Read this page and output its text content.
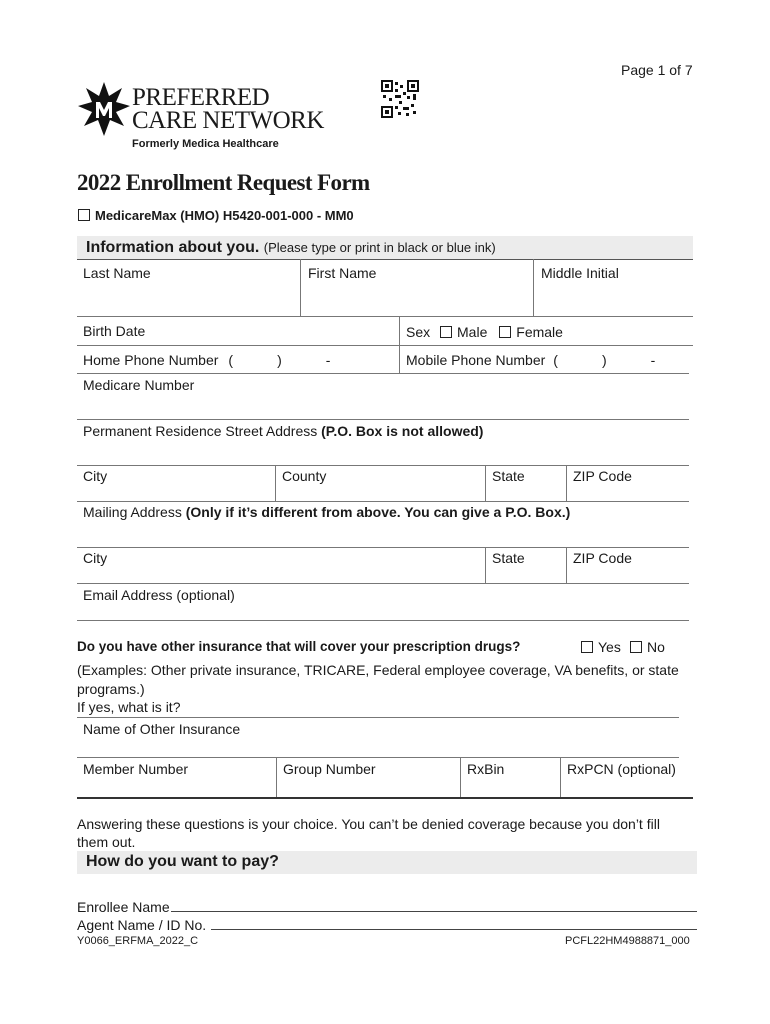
Page 1 of 7
PREFERRED
CARE NETWORK
Formerly Medica Healthcare
2022 Enrollment Request Form
MedicareMax (HMO) H5420-001-000 - MM0
Information about you. (Please type or print in black or blue ink)
Last Name	First Name	Middle Initial
Birth Date	Sex Male Female
Home Phone Number (	)	-	Mobile Phone Number (	)	-
Medicare Number
Permanent Residence Street Address (P.O. Box is not allowed)
City	County	State	ZIP Code
Mailing Address (Only if it’s different from above. You can give a P.O. Box.)
City	State	ZIP Code
Email Address (optional)
Do you have other insurance that will cover your prescription drugs?	Yes	No
(Examples: Other private insurance, TRICARE, Federal employee coverage, VA benefits, or state programs.)
If yes, what is it?
Name of Other Insurance
Member Number	Group Number	RxBin	RxPCN (optional)
Answering these questions is your choice. You can’t be denied coverage because you don’t fill them out.
How do you want to pay?
Enrollee Name
Agent Name / ID No.
Y0066_ERFMA_2022_C	PCFL22HM4988871_000
